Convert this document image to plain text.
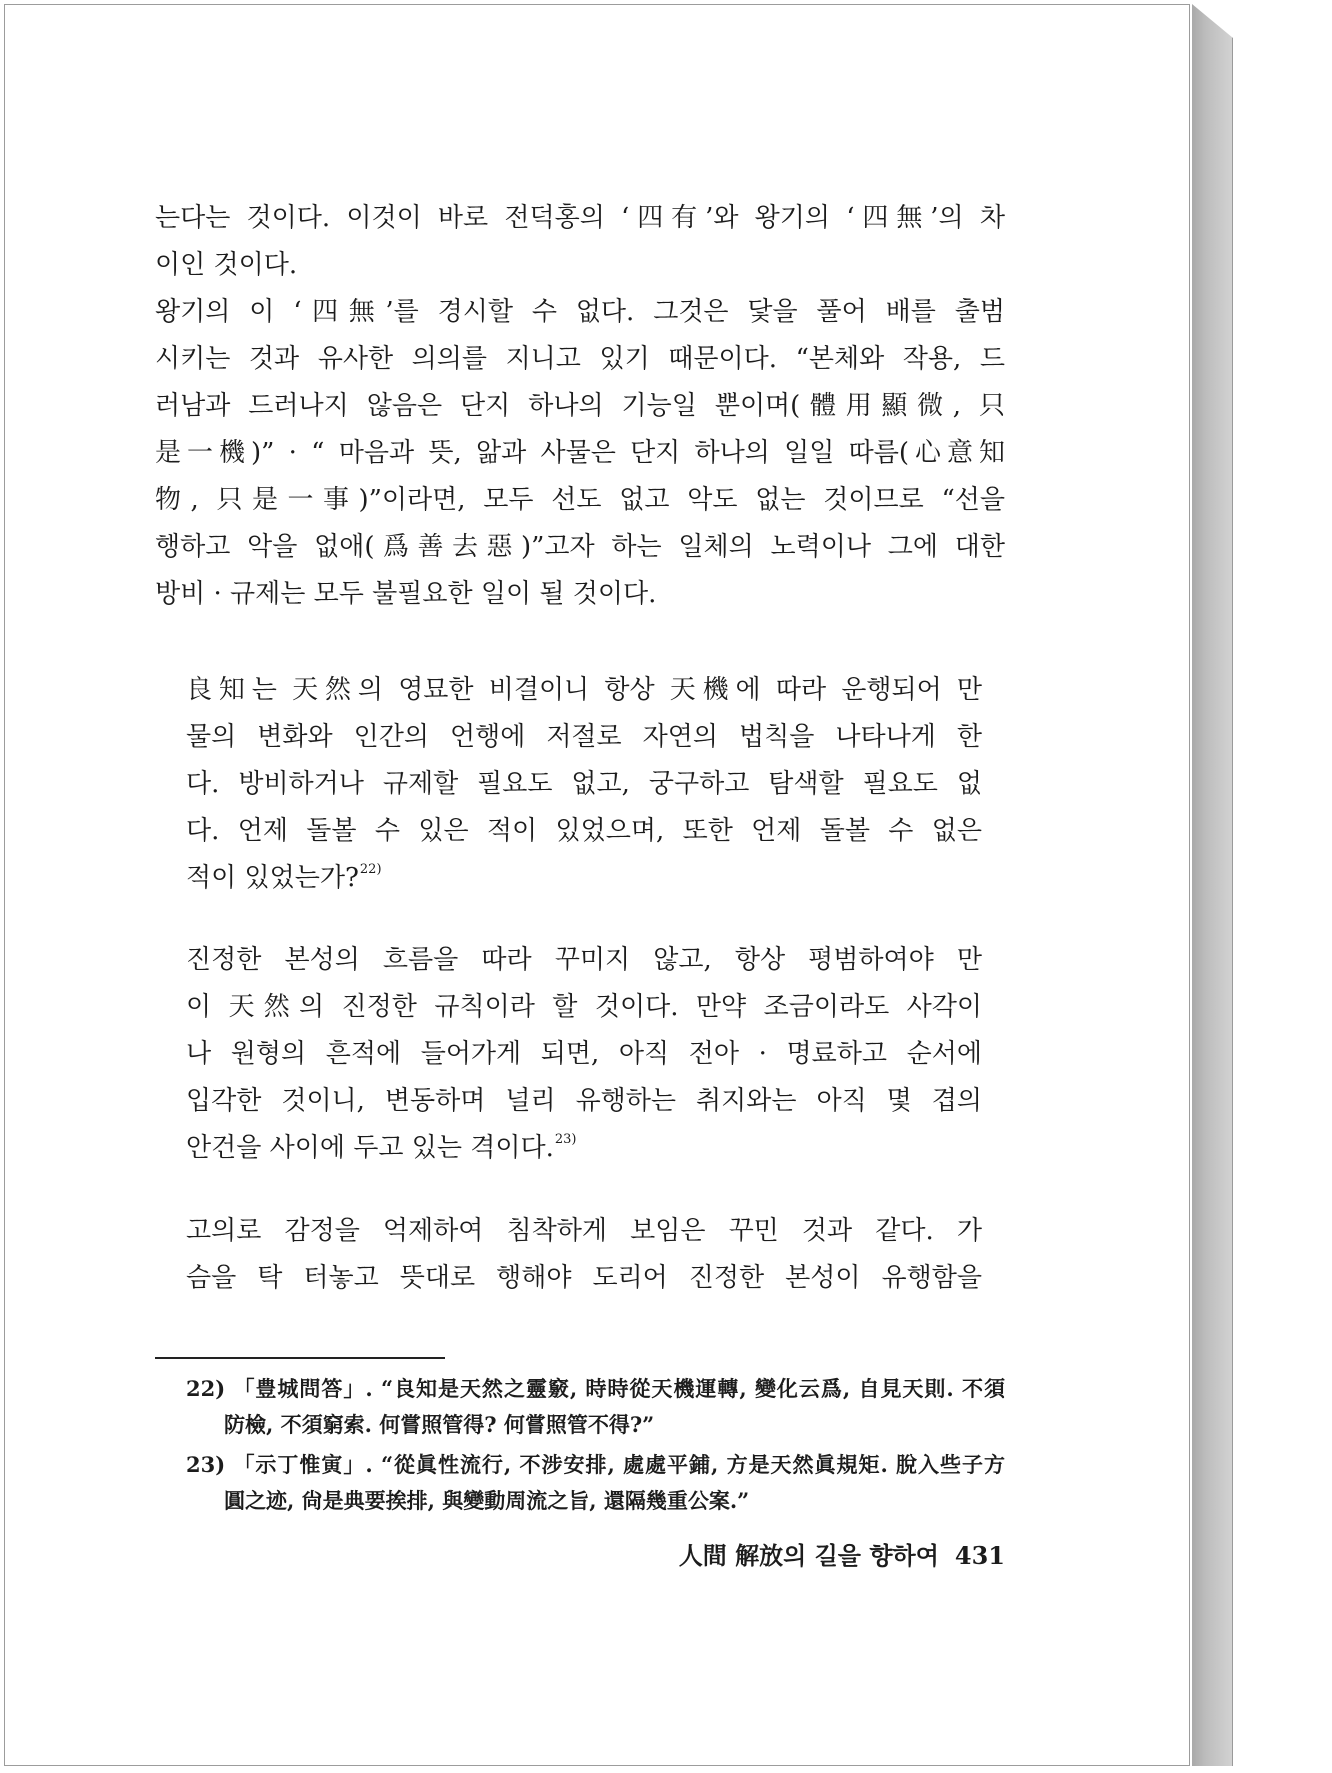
는다는 것이다. 이것이 바로 전덕홍의 ‘四有’와 왕기의 ‘四無’의 차
이인 것이다.
왕기의 이 ‘四無’를 경시할 수 없다. 그것은 닻을 풀어 배를 출범
시키는 것과 유사한 의의를 지니고 있기 때문이다. “본체와 작용, 드
러남과 드러나지 않음은 단지 하나의 기능일 뿐이며(體用顯微, 只
是一機)” · “ 마음과 뜻, 앎과 사물은 단지 하나의 일일 따름(心意知
物, 只是一事)”이라면, 모두 선도 없고 악도 없는 것이므로 “선을
행하고 악을 없애(爲善去惡)”고자 하는 일체의 노력이나 그에 대한
방비 · 규제는 모두 불필요한 일이 될 것이다.
良知는 天然의 영묘한 비결이니 항상 天機에 따라 운행되어 만
물의 변화와 인간의 언행에 저절로 자연의 법칙을 나타나게 한
다. 방비하거나 규제할 필요도 없고, 궁구하고 탐색할 필요도 없
다. 언제 돌볼 수 있은 적이 있었으며, 또한 언제 돌볼 수 없은
적이 있었는가?$^{22)}$
진정한 본성의 흐름을 따라 꾸미지 않고, 항상 평범하여야 만
이 天然의 진정한 규칙이라 할 것이다. 만약 조금이라도 사각이
나 원형의 흔적에 들어가게 되면, 아직 전아 · 명료하고 순서에
입각한 것이니, 변동하며 널리 유행하는 취지와는 아직 몇 겹의
안건을 사이에 두고 있는 격이다.$^{23)}$
고의로 감정을 억제하여 침착하게 보임은 꾸민 것과 같다. 가
슴을 탁 터놓고 뜻대로 행해야 도리어 진정한 본성이 유행함을
22) 「豊城問答」. “良知是天然之靈竅, 時時從天機運轉, 變化云爲, 自見天則. 不須
防檢, 不須窮索. 何嘗照管得? 何嘗照管不得?”
23) 「示丁惟寅」. “從眞性流行, 不涉安排, 處處平鋪, 方是天然眞規矩. 脫入些子方
圓之迹, 尙是典要挨排, 與變動周流之旨, 還隔幾重公案.”
人間 解放의 길을 향하여 431
